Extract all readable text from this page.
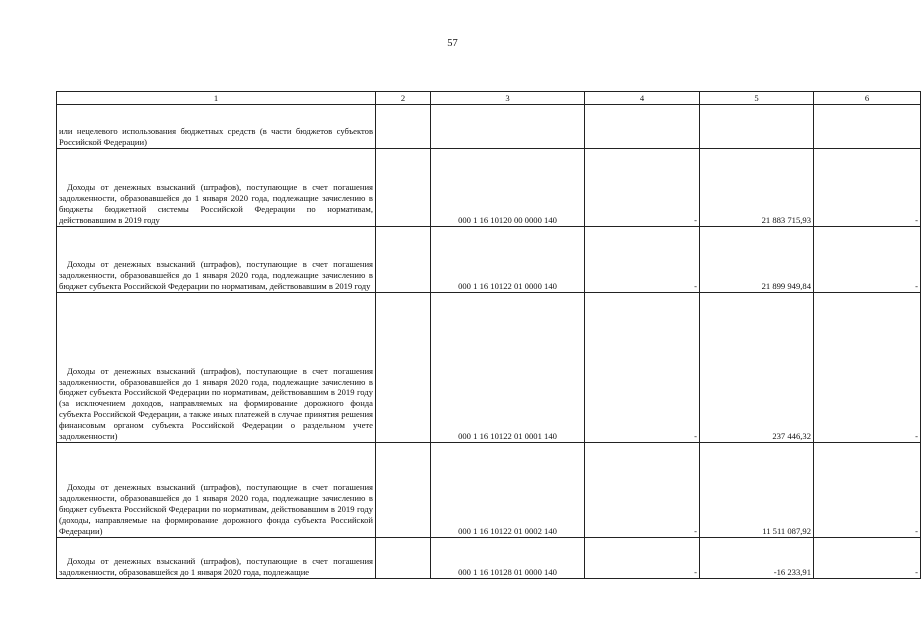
57
1	2	3	4	5	6
или нецелевого использования бюджетных средств (в части бюджетов субъектов Российской Федерации)					
Доходы от денежных взысканий (штрафов), поступающие в счет погашения задолженности, образовавшейся до 1 января 2020 года, подлежащие зачислению в бюджеты бюджетной системы Российской Федерации по нормативам, действовавшим в 2019 году		000 1 16 10120 00 0000 140	-	21 883 715,93	-
Доходы от денежных взысканий (штрафов), поступающие в счет погашения задолженности, образовавшейся до 1 января 2020 года, подлежащие зачислению в бюджет субъекта Российской Федерации по нормативам, действовавшим в 2019 году		000 1 16 10122 01 0000 140	-	21 899 949,84	-
Доходы от денежных взысканий (штрафов), поступающие в счет погашения задолженности, образовавшейся до 1 января 2020 года, подлежащие зачислению в бюджет субъекта Российской Федерации по нормативам, действовавшим в 2019 году (за исключением доходов, направляемых на формирование дорожного фонда субъекта Российской Федерации, а также иных платежей в случае принятия решения финансовым органом субъекта Российской Федерации о раздельном учете задолженности)		000 1 16 10122 01 0001 140	-	237 446,32	-
Доходы от денежных взысканий (штрафов), поступающие в счет погашения задолженности, образовавшейся до 1 января 2020 года, подлежащие зачислению в бюджет субъекта Российской Федерации по нормативам, действовавшим в 2019 году (доходы, направляемые на формирование дорожного фонда субъекта Российской Федерации)		000 1 16 10122 01 0002 140	-	11 511 087,92	-
Доходы от денежных взысканий (штрафов), поступающие в счет погашения задолженности, образовавшейся до 1 января 2020 года, подлежащие		000 1 16 10128 01 0000 140	-	-16 233,91	-
